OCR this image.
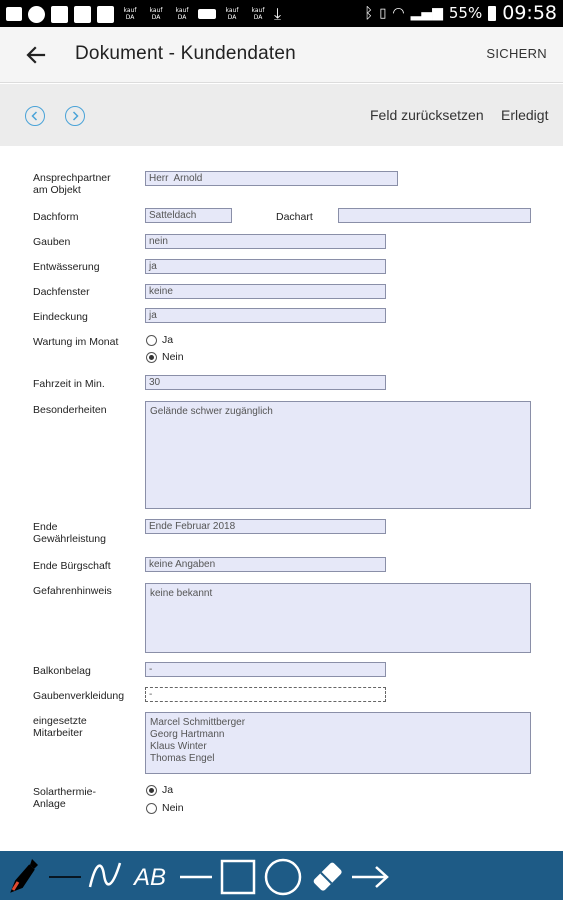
kauf
DA
kauf
DA
kauf
DA
kauf
DA
kauf
DA ⤓	ᛒ ▯ ◠ ▂▄▆ 55% 09:58
Dokument - Kundendaten	SICHERN
Feld zurücksetzen Erledigt
Ansprechpartner
am Objekt
Herr  Arnold
Dachform	Satteldach	Dachart
Gauben	nein
Entwässerung	ja
Dachfenster	keine
Eindeckung	ja
Wartung im Monat	Ja
Nein
Fahrzeit in Min.	30
Besonderheiten	Gelände schwer zugänglich
Ende
Gewährleistung
Ende Februar 2018
Ende Bürgschaft	keine Angaben
Gefahrenhinweis	keine bekannt
Balkonbelag	-
Gaubenverkleidung	-
eingesetzte
Mitarbeiter
Marcel Schmittberger
Georg Hartmann
Klaus Winter
Thomas Engel
Solarthermie-
Anlage
Ja
Nein
AB
